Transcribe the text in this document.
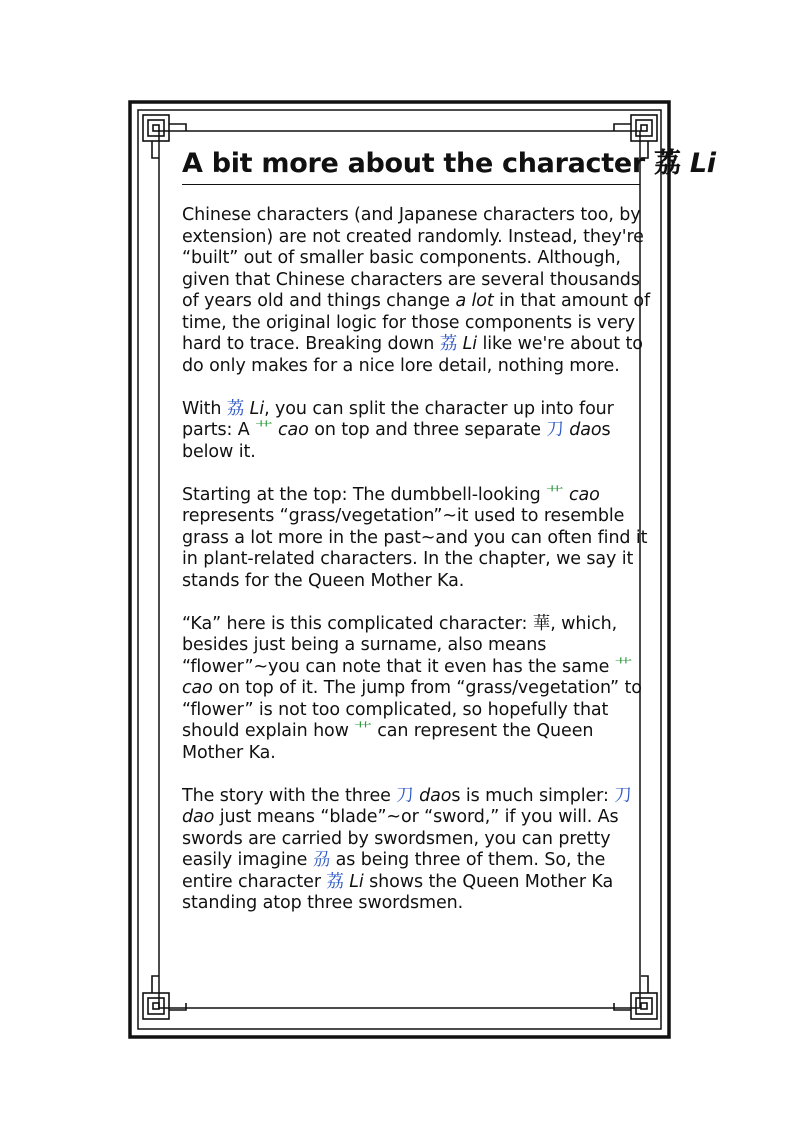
A bit more about the character 荔 Li

Chinese characters (and Japanese characters too, by extension) are not created randomly. Instead, they're “built” out of smaller basic components. Although, given that Chinese characters are several thousands of years old and things change a lot in that amount of time, the original logic for those components is very hard to trace. Breaking down 荔 Li like we're about to do only makes for a nice lore detail, nothing more.

With 荔 Li, you can split the character up into four parts: A 艹 cao on top and three separate 刀 daos below it.

Starting at the top: The dumbbell-looking 艹 cao represents “grass/vegetation”~it used to resemble grass a lot more in the past~and you can often find it in plant-related characters. In the chapter, we say it stands for the Queen Mother Ka.

“Ka” here is this complicated character: 華, which, besides just being a surname, also means “flower”~you can note that it even has the same 艹 cao on top of it. The jump from “grass/vegetation” to “flower” is not too complicated, so hopefully that should explain how 艹 can represent the Queen Mother Ka.

The story with the three 刀 daos is much simpler: 刀 dao just means “blade”~or “sword,” if you will. As swords are carried by swordsmen, you can pretty easily imagine 刕 as being three of them. So, the entire character 荔 Li shows the Queen Mother Ka standing atop three swordsmen.
